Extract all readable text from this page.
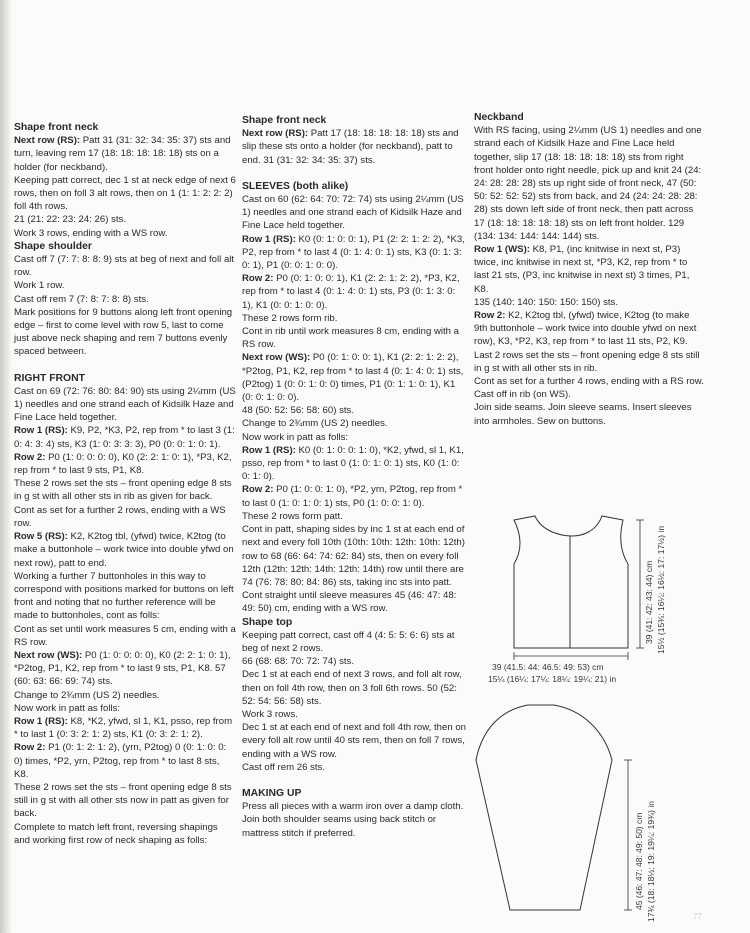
Shape front neck

Next row (RS): Patt 31 (31: 32: 34: 35: 37) sts and turn, leaving rem 17 (18: 18: 18: 18: 18) sts on a holder (for neckband).

Keeping patt correct, dec 1 st at neck edge of next 6 rows, then on foll 3 alt rows, then on 1 (1: 1: 2: 2: 2) foll 4th rows.

21 (21: 22: 23: 24: 26) sts.

Work 3 rows, ending with a WS row.

Shape shoulder

Cast off 7 (7: 7: 8: 8: 9) sts at beg of next and foll alt row.

Work 1 row.

Cast off rem 7 (7: 8: 7: 8: 8) sts.

Mark positions for 9 buttons along left front opening edge – first to come level with row 5, last to come just above neck shaping and rem 7 buttons evenly spaced between.

RIGHT FRONT

Cast on 69 (72: 76: 80: 84: 90) sts using 2¼mm (US 1) needles and one strand each of Kidsilk Haze and Fine Lace held together.

Row 1 (RS): K9, P2, *K3, P2, rep from * to last 3 (1: 0: 4: 3: 4) sts, K3 (1: 0: 3: 3: 3), P0 (0: 0: 1: 0: 1).

Row 2: P0 (1: 0: 0: 0: 0), K0 (2: 2: 1: 0: 1), *P3, K2, rep from * to last 9 sts, P1, K8.

These 2 rows set the sts – front opening edge 8 sts in g st with all other sts in rib as given for back.

Cont as set for a further 2 rows, ending with a WS row.

Row 5 (RS): K2, K2tog tbl, (yfwd) twice, K2tog (to make a buttonhole – work twice into double yfwd on next row), patt to end.

Working a further 7 buttonholes in this way to correspond with positions marked for buttons on left front and noting that no further reference will be made to buttonholes, cont as folls:

Cont as set until work measures 5 cm, ending with a RS row.

Next row (WS): P0 (1: 0: 0: 0: 0), K0 (2: 2: 1: 0: 1), *P2tog, P1, K2, rep from * to last 9 sts, P1, K8. 57 (60: 63: 66: 69: 74) sts.

Change to 2¾mm (US 2) needles.

Now work in patt as folls:

Row 1 (RS): K8, *K2, yfwd, sl 1, K1, psso, rep from * to last 1 (0: 3: 2: 1: 2) sts, K1 (0: 3: 2: 1: 2).

Row 2: P1 (0: 1: 2: 1: 2), (yrn, P2tog) 0 (0: 1: 0: 0: 0) times, *P2, yrn, P2tog, rep from * to last 8 sts, K8.

These 2 rows set the sts – front opening edge 8 sts still in g st with all other sts now in patt as given for back.

Complete to match left front, reversing shapings and working first row of neck shaping as folls:

Shape front neck

Next row (RS): Patt 17 (18: 18: 18: 18: 18) sts and slip these sts onto a holder (for neckband), patt to end. 31 (31: 32: 34: 35: 37) sts.

SLEEVES (both alike)

Cast on 60 (62: 64: 70: 72: 74) sts using 2¼mm (US 1) needles and one strand each of Kidsilk Haze and Fine Lace held together.

Row 1 (RS): K0 (0: 1: 0: 0: 1), P1 (2: 2: 1: 2: 2), *K3, P2, rep from * to last 4 (0: 1: 4: 0: 1) sts, K3 (0: 1: 3: 0: 1), P1 (0: 0: 1: 0: 0).

Row 2: P0 (0: 1: 0: 0: 1), K1 (2: 2: 1: 2: 2), *P3, K2, rep from * to last 4 (0: 1: 4: 0: 1) sts, P3 (0: 1: 3: 0: 1), K1 (0: 0: 1: 0: 0).

These 2 rows form rib.

Cont in rib until work measures 8 cm, ending with a RS row.

Next row (WS): P0 (0: 1: 0: 0: 1), K1 (2: 2: 1: 2: 2), *P2tog, P1, K2, rep from * to last 4 (0: 1: 4: 0: 1) sts, (P2tog) 1 (0: 0: 1: 0: 0) times, P1 (0: 1: 1: 0: 1), K1 (0: 0: 1: 0: 0).

48 (50: 52: 56: 58: 60) sts.

Change to 2¾mm (US 2) needles.

Now work in patt as folls:

Row 1 (RS): K0 (0: 1: 0: 0: 1: 0), *K2, yfwd, sl 1, K1, psso, rep from * to last 0 (1: 0: 1: 0: 1) sts, K0 (1: 0: 0: 1: 0).

Row 2: P0 (1: 0: 0: 1: 0), *P2, yrn, P2tog, rep from * to last 0 (1: 0: 1: 0: 1) sts, P0 (1: 0: 0: 1: 0).

These 2 rows form patt.

Cont in patt, shaping sides by inc 1 st at each end of next and every foll 10th (10th: 10th: 12th: 10th: 12th) row to 68 (66: 64: 74: 62: 84) sts, then on every foll 12th (12th: 12th: 14th: 12th: 14th) row until there are 74 (76: 78: 80: 84: 86) sts, taking inc sts into patt.

Cont straight until sleeve measures 45 (46: 47: 48: 49: 50) cm, ending with a WS row.

Shape top

Keeping patt correct, cast off 4 (4: 5: 5: 6: 6) sts at beg of next 2 rows.

66 (68: 68: 70: 72: 74) sts.

Dec 1 st at each end of next 3 rows, and foll alt row, then on foll 4th row, then on 3 foll 6th rows. 50 (52: 52: 54: 56: 58) sts.

Work 3 rows.

Dec 1 st at each end of next and foll 4th row, then on every foll alt row until 40 sts rem, then on foll 7 rows, ending with a WS row.

Cast off rem 26 sts.

MAKING UP

Press all pieces with a warm iron over a damp cloth.

Join both shoulder seams using back stitch or mattress stitch if preferred.

Neckband

With RS facing, using 2¼mm (US 1) needles and one strand each of Kidsilk Haze and Fine Lace held together, slip 17 (18: 18: 18: 18: 18) sts from right front holder onto right needle, pick up and knit 24 (24: 24: 28: 28: 28) sts up right side of front neck, 47 (50: 50: 52: 52: 52) sts from back, and 24 (24: 24: 28: 28: 28) sts down left side of front neck, then patt across 17 (18: 18: 18: 18: 18) sts on left front holder. 129 (134: 134: 144: 144: 144) sts.

Row 1 (WS): K8, P1, (inc knitwise in next st, P3) twice, inc knitwise in next st, *P3, K2, rep from * to last 21 sts, (P3, inc knitwise in next st) 3 times, P1, K8.

135 (140: 140: 150: 150: 150) sts.

Row 2: K2, K2tog tbl, (yfwd) twice, K2tog (to make 9th buttonhole – work twice into double yfwd on next row), K3, *P2, K3, rep from * to last 11 sts, P2, K9.

Last 2 rows set the sts – front opening edge 8 sts still in g st with all other sts in rib.

Cont as set for a further 4 rows, ending with a RS row.

Cast off in rib (on WS).

Join side seams. Join sleeve seams. Insert sleeves into armholes. Sew on buttons.

39 (41: 42: 43: 44) cm 15½ (15¾: 16¼: 16½: 17: 17½) in
39 (41.5: 44: 46.5: 49: 53) cm
15¼ (16¼: 17¼: 18¼: 19¼: 21) in
45 (46: 47: 48: 49: 50) cm 17¾ (18: 18½: 19: 19¼: 19¾) in	77
